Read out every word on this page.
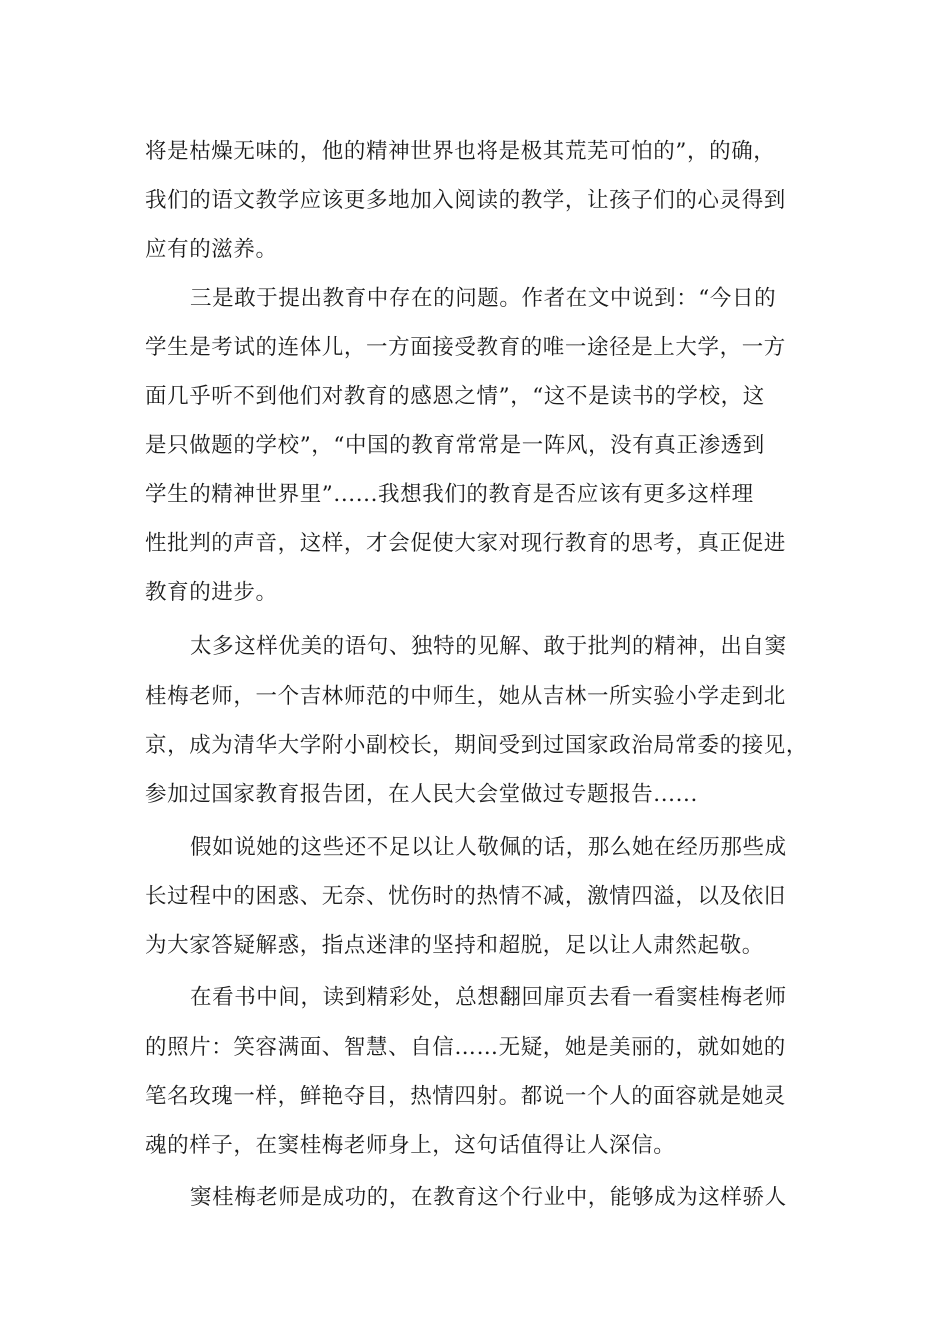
将是枯燥无味的，他的精神世界也将是极其荒芜可怕的”，的确，
我们的语文教学应该更多地加入阅读的教学，让孩子们的心灵得到
应有的滋养。
三是敢于提出教育中存在的问题。作者在文中说到：“今日的
学生是考试的连体儿，一方面接受教育的唯一途径是上大学，一方
面几乎听不到他们对教育的感恩之情”，“这不是读书的学校，这
是只做题的学校”，“中国的教育常常是一阵风，没有真正渗透到
学生的精神世界里”......我想我们的教育是否应该有更多这样理
性批判的声音，这样，才会促使大家对现行教育的思考，真正促进
教育的进步。
太多这样优美的语句、独特的见解、敢于批判的精神，出自窦
桂梅老师，一个吉林师范的中师生，她从吉林一所实验小学走到北
京，成为清华大学附小副校长，期间受到过国家政治局常委的接见，
参加过国家教育报告团，在人民大会堂做过专题报告......
假如说她的这些还不足以让人敬佩的话，那么她在经历那些成
长过程中的困惑、无奈、忧伤时的热情不减，激情四溢，以及依旧
为大家答疑解惑，指点迷津的坚持和超脱，足以让人肃然起敬。
在看书中间，读到精彩处，总想翻回扉页去看一看窦桂梅老师
的照片：笑容满面、智慧、自信……无疑，她是美丽的，就如她的
笔名玫瑰一样，鲜艳夺目，热情四射。都说一个人的面容就是她灵
魂的样子，在窦桂梅老师身上，这句话值得让人深信。
窦桂梅老师是成功的，在教育这个行业中，能够成为这样骄人
